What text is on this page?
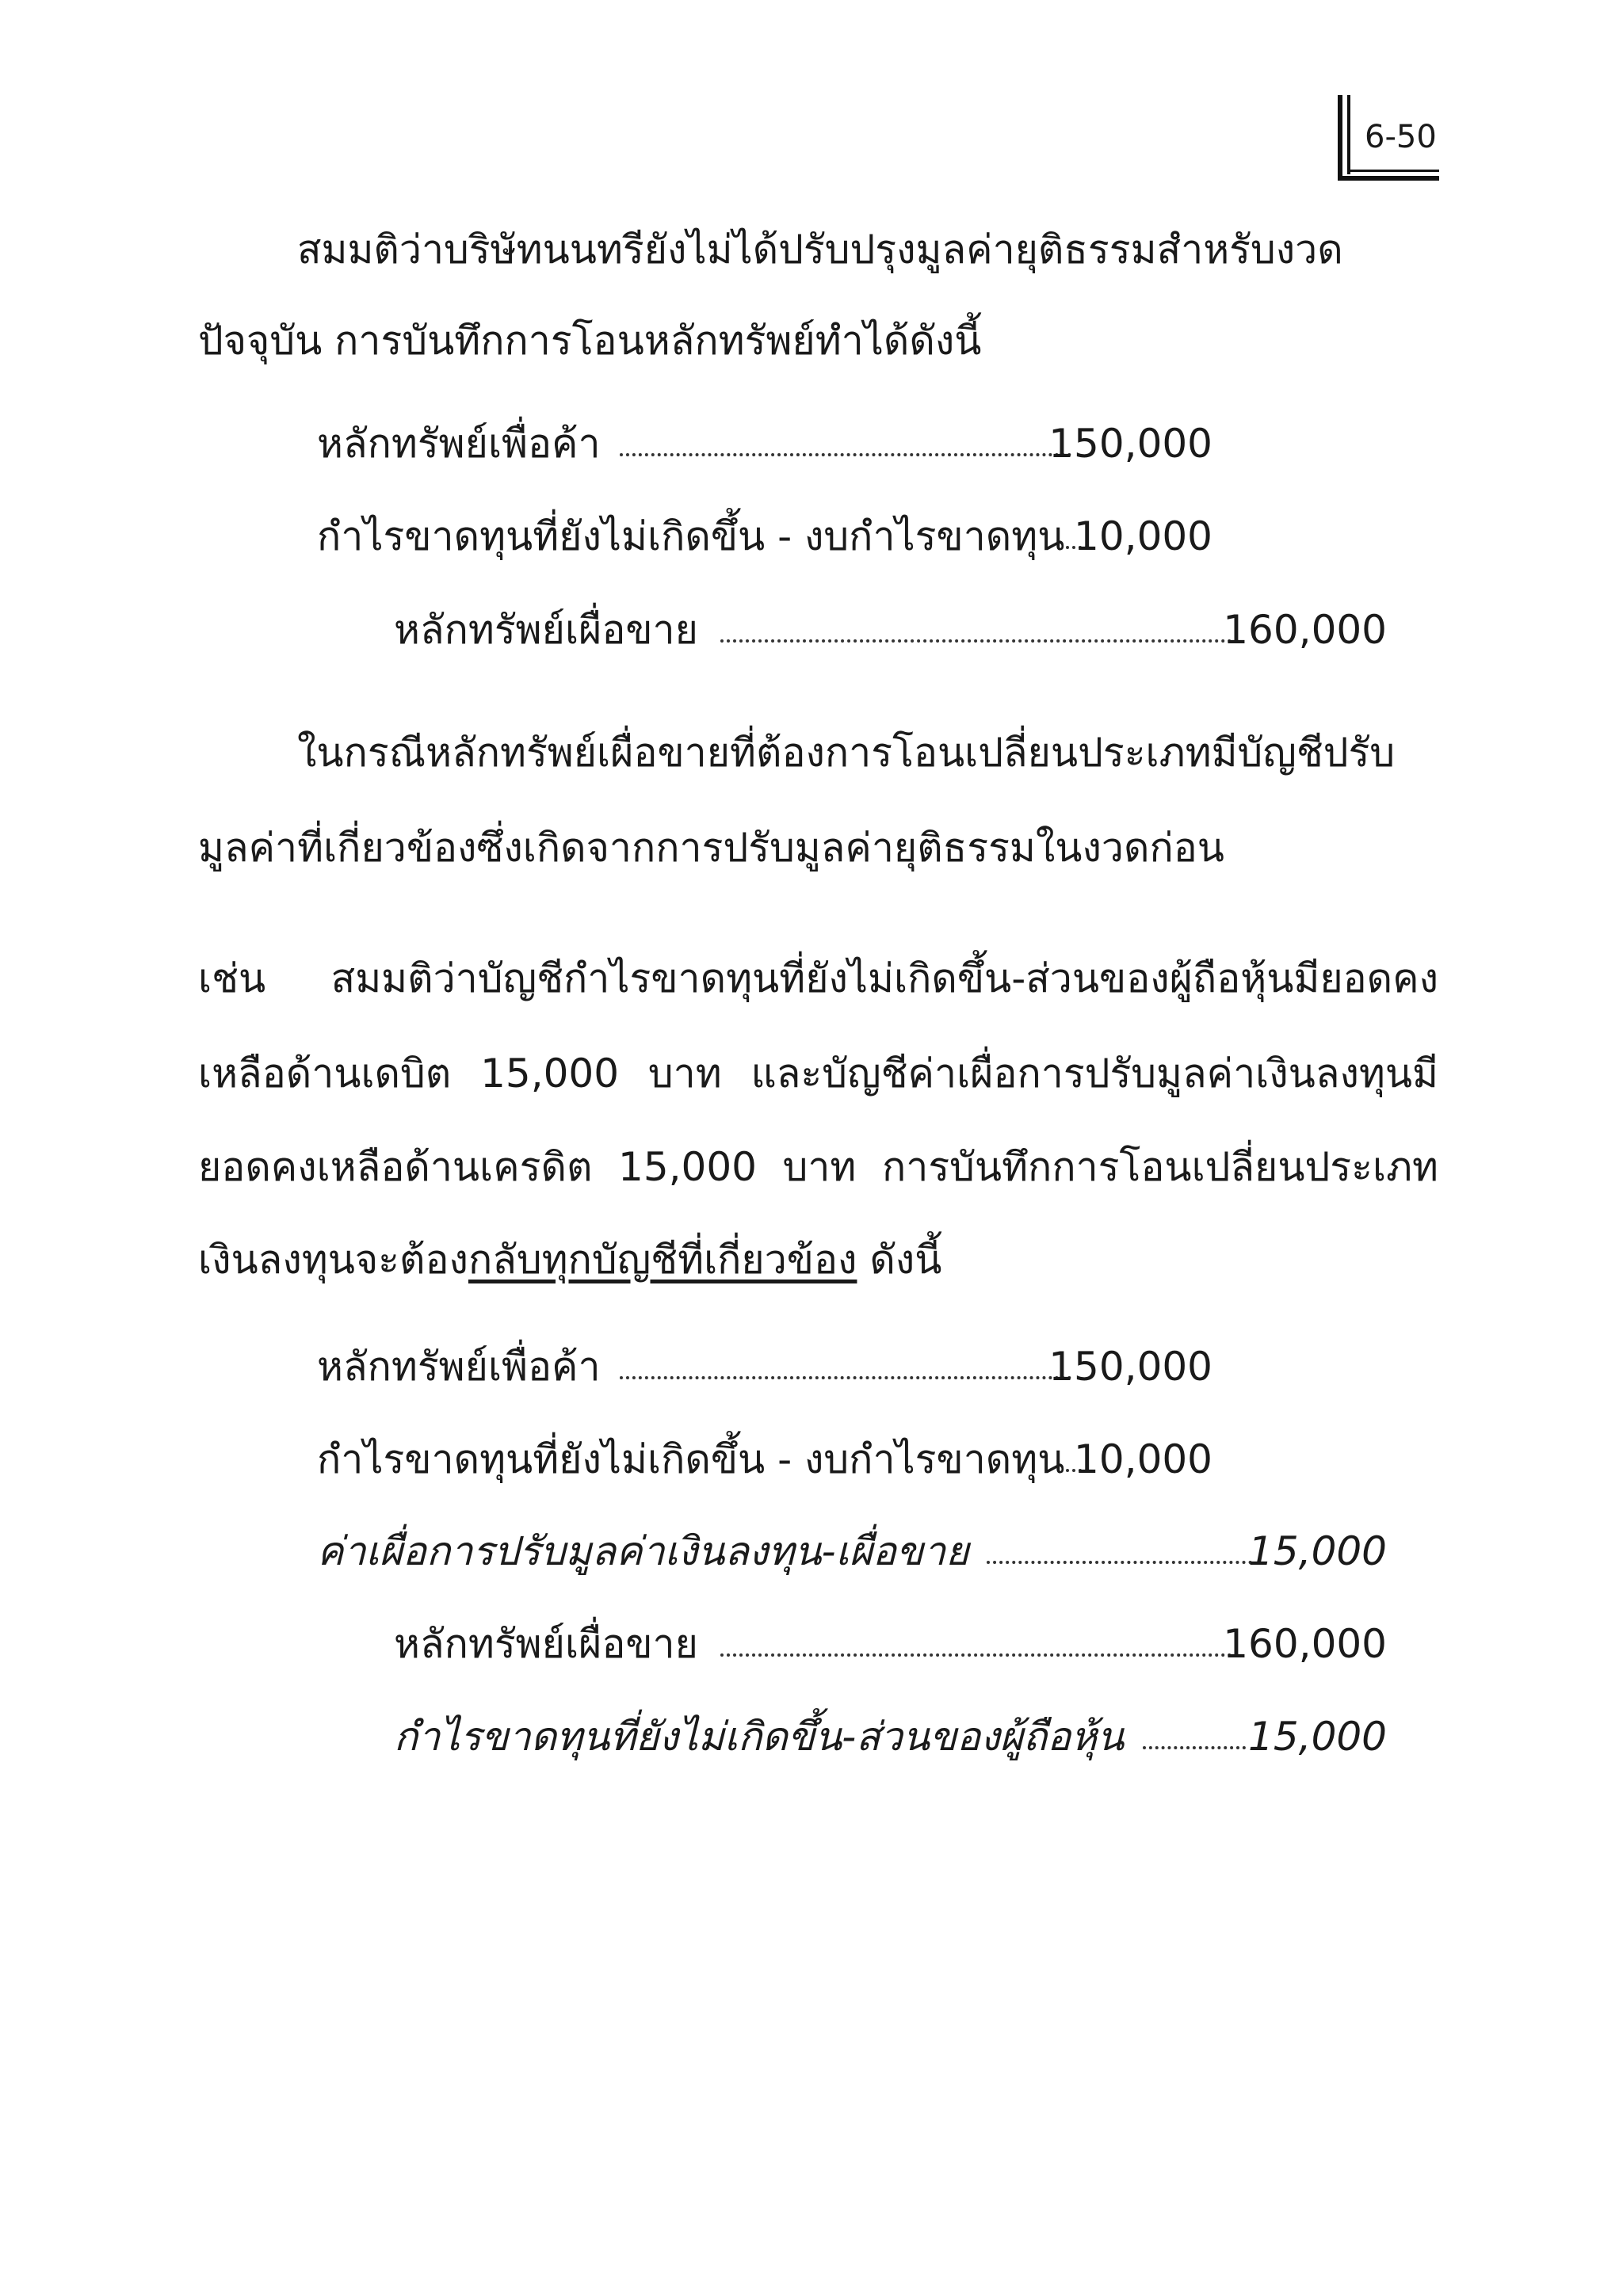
6-50
สมมติว่าบริษัทนนทรียังไม่ได้ปรับปรุงมูลค่ายุติธรรมสำหรับงวด
ปัจจุบัน การบันทึกการโอนหลักทรัพย์ทำได้ดังนี้
หลักทรัพย์เพื่อค้า	150,000
กำไรขาดทุนที่ยังไม่เกิดขึ้น - งบกำไรขาดทุน 10,000
หลักทรัพย์เผื่อขาย	160,000
ในกรณีหลักทรัพย์เผื่อขายที่ต้องการโอนเปลี่ยนประเภทมีบัญชีปรับ
มูลค่าที่เกี่ยวข้องซึ่งเกิดจากการปรับมูลค่ายุติธรรมในงวดก่อน
เช่น สมมติว่าบัญชีกำไรขาดทุนที่ยังไม่เกิดขึ้น-ส่วนของผู้ถือหุ้นมียอดคง
เหลือด้านเดบิต 15,000 บาท และบัญชีค่าเผื่อการปรับมูลค่าเงินลงทุนมี
ยอดคงเหลือด้านเครดิต 15,000 บาท การบันทึกการโอนเปลี่ยนประเภท
เงินลงทุนจะต้องกลับทุกบัญชีที่เกี่ยวข้อง ดังนี้
หลักทรัพย์เพื่อค้า	150,000
กำไรขาดทุนที่ยังไม่เกิดขึ้น - งบกำไรขาดทุน 10,000
ค่าเผื่อการปรับมูลค่าเงินลงทุน-เผื่อขาย	15,000
หลักทรัพย์เผื่อขาย	160,000
กำไรขาดทุนที่ยังไม่เกิดขึ้น-ส่วนของผู้ถือหุ้น	15,000
